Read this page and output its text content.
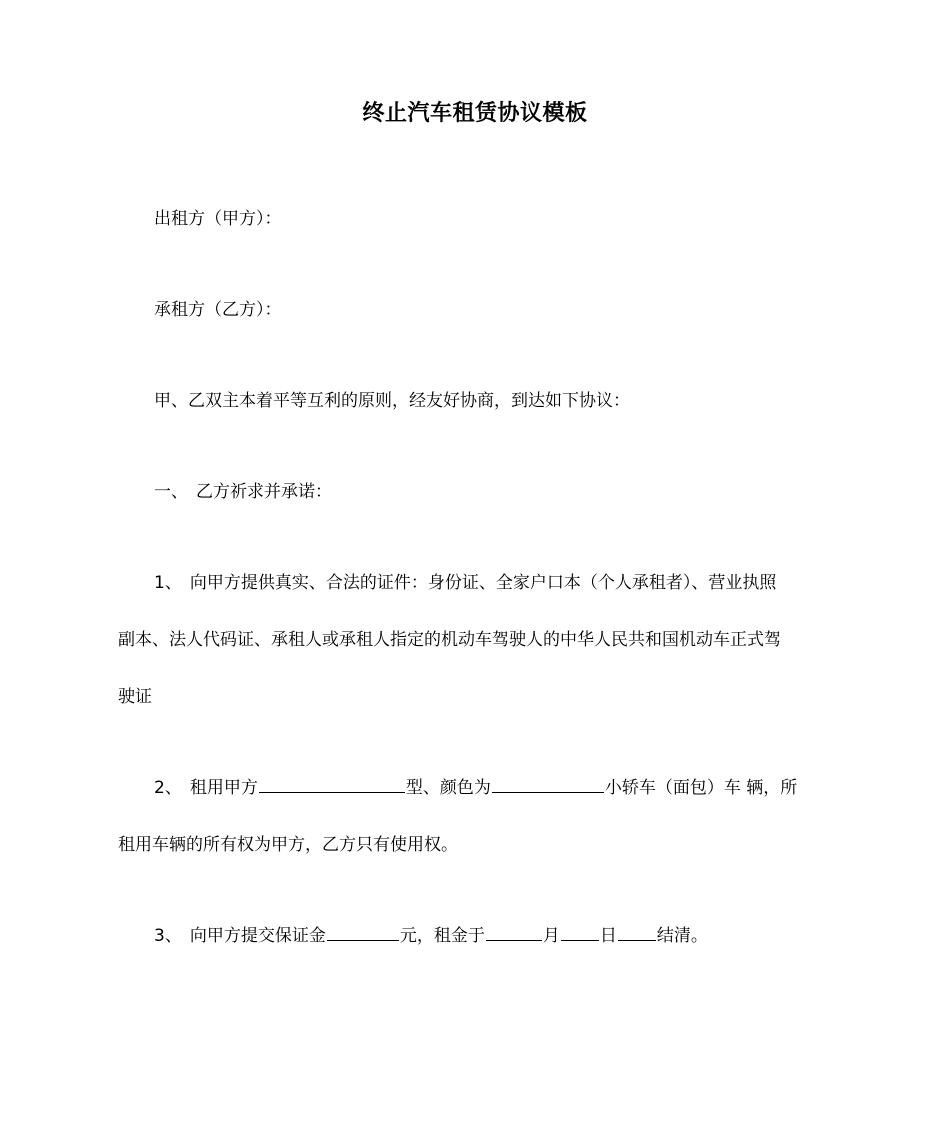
终止汽车租赁协议模板

出租方（甲方）：

承租方（乙方）：

甲、乙双主本着平等互利的原则，经友好协商，到达如下协议：

一、 乙方祈求并承诺：

1、 向甲方提供真实、合法的证件：身份证、全家户口本（个人承租者）、营业执照

副本、法人代码证、承租人或承租人指定的机动车驾驶人的中华人民共和国机动车正式驾

驶证

2、 租用甲方	型、颜色为	小轿车（面包）车 辆，所

租用车辆的所有权为甲方，乙方只有使用权。

3、 向甲方提交保证金	元，租金于	月 日 结清。
